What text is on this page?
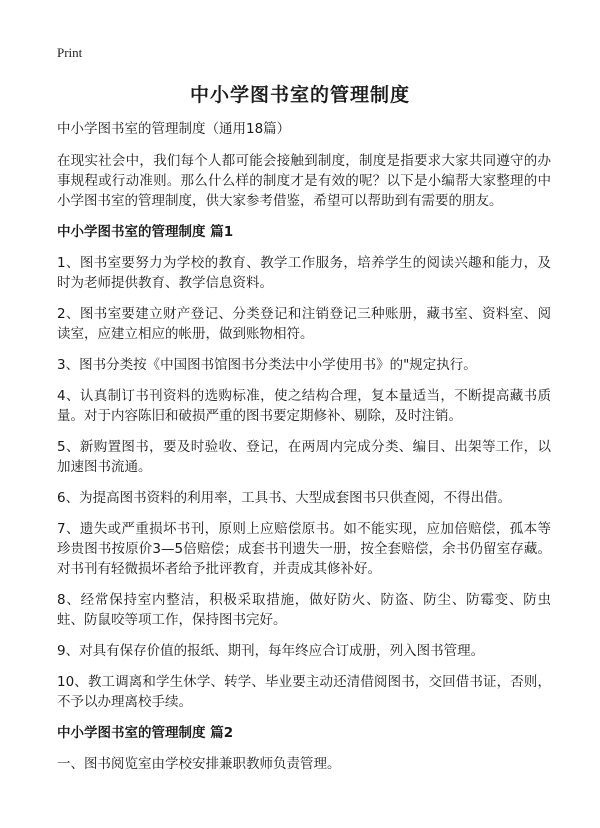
Print
中小学图书室的管理制度

中小学图书室的管理制度（通用18篇）

在现实社会中，我们每个人都可能会接触到制度，制度是指要求大家共同遵守的办事规程或行动准则。那么什么样的制度才是有效的呢？以下是小编帮大家整理的中小学图书室的管理制度，供大家参考借鉴，希望可以帮助到有需要的朋友。

中小学图书室的管理制度 篇1

1、图书室要努力为学校的教育、教学工作服务，培养学生的阅读兴趣和能力，及时为老师提供教育、教学信息资料。

2、图书室要建立财产登记、分类登记和注销登记三种账册，藏书室、资料室、阅读室，应建立相应的帐册，做到账物相符。

3、图书分类按《中国图书馆图书分类法中小学使用书》的"规定执行。

4、认真制订书刊资料的选购标准，使之结构合理，复本量适当，不断提高藏书质量。对于内容陈旧和破损严重的图书要定期修补、剔除，及时注销。

5、新购置图书，要及时验收、登记，在两周内完成分类、编目、出架等工作，以加速图书流通。

6、为提高图书资料的利用率，工具书、大型成套图书只供查阅，不得出借。

7、遗失或严重损坏书刊，原则上应赔偿原书。如不能实现，应加倍赔偿，孤本等珍贵图书按原价3—5倍赔偿；成套书刊遗失一册，按全套赔偿，余书仍留室存藏。对书刊有轻微损坏者给予批评教育，并责成其修补好。

8、经常保持室内整洁，积极采取措施，做好防火、防盗、防尘、防霉变、防虫蛀、防鼠咬等项工作，保持图书完好。

9、对具有保存价值的报纸、期刊，每年终应合订成册，列入图书管理。

10、教工调离和学生休学、转学、毕业要主动还清借阅图书，交回借书证，否则，不予以办理离校手续。

中小学图书室的管理制度 篇2

一、图书阅览室由学校安排兼职教师负责管理。
